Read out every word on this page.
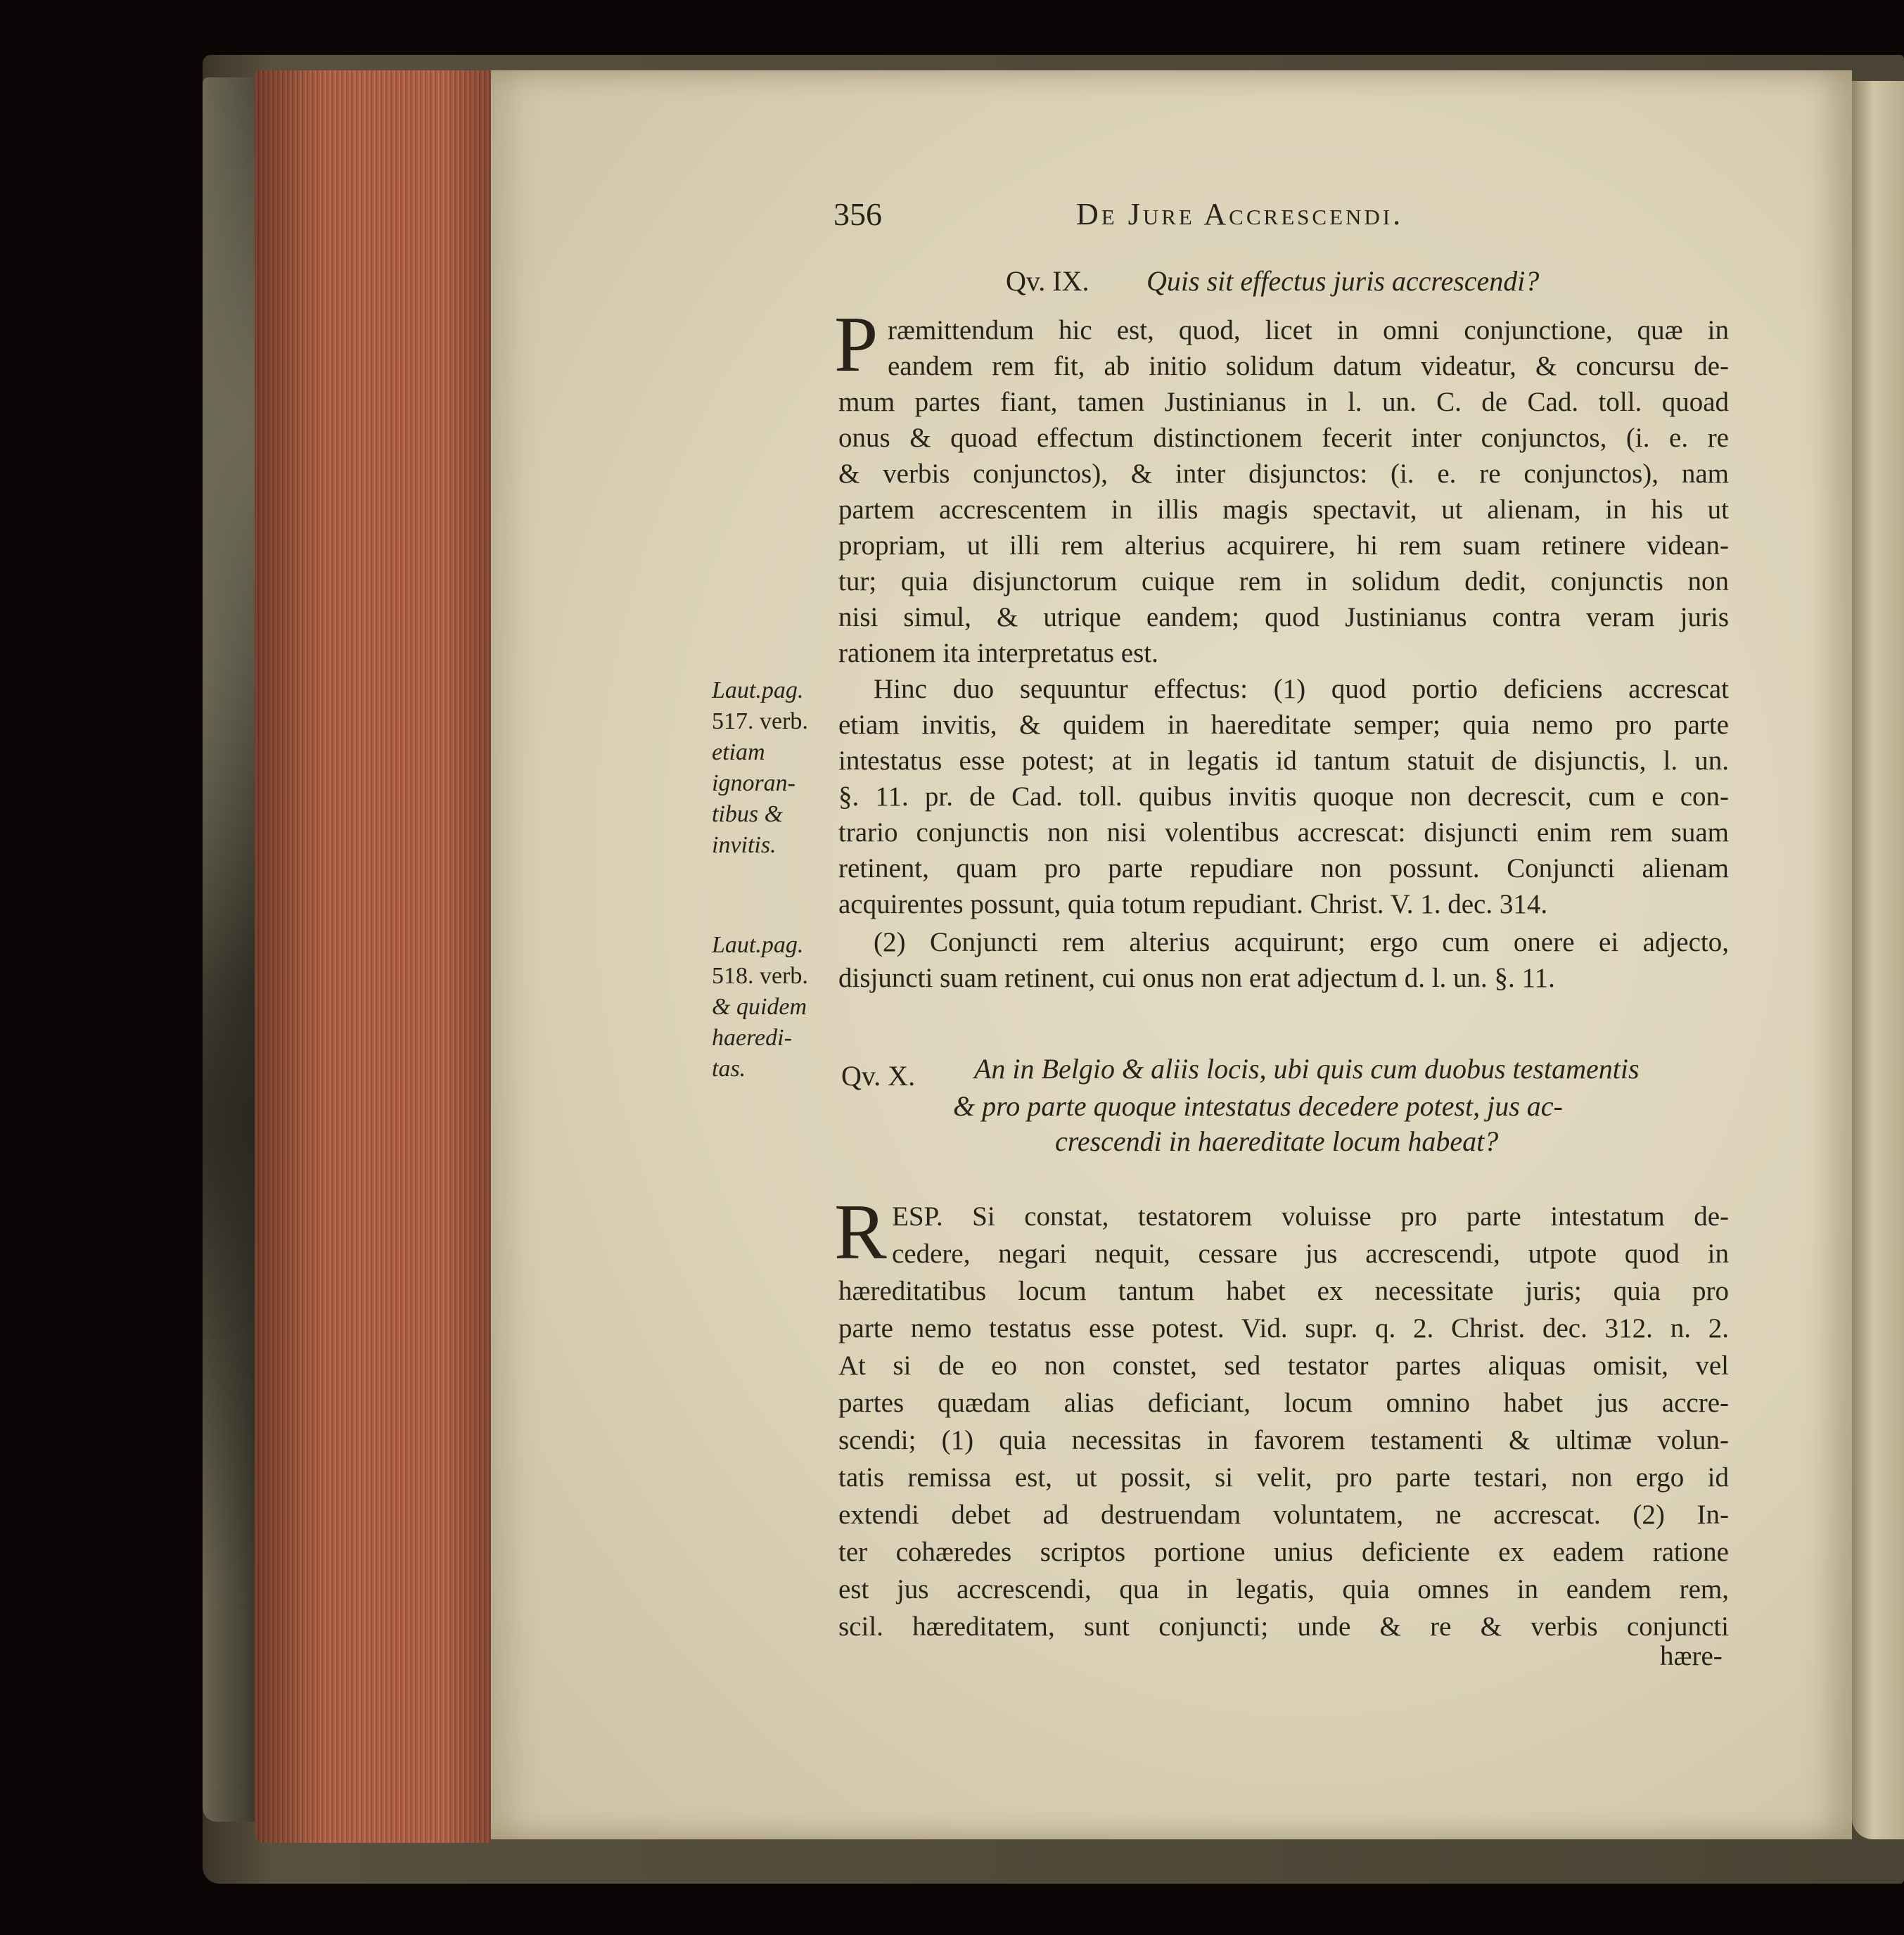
356	De Jure Accrescendi.
Qv. IX. Quis sit effectus juris accrescendi?
P ræmittendum hic est, quod, licet in omni conjunctione, quæ in
eandem rem fit, ab initio solidum datum videatur, & concursu de-
mum partes fiant, tamen Justinianus in l. un. C. de Cad. toll. quoad
onus & quoad effectum distinctionem fecerit inter conjunctos, (i. e. re
& verbis conjunctos), & inter disjunctos: (i. e. re conjunctos), nam
partem accrescentem in illis magis spectavit, ut alienam, in his ut
propriam, ut illi rem alterius acquirere, hi rem suam retinere videan-
tur; quia disjunctorum cuique rem in solidum dedit, conjunctis non
nisi simul, & utrique eandem; quod Justinianus contra veram juris
rationem ita interpretatus est.
Hinc duo sequuntur effectus: (1) quod portio deficiens accrescat
etiam invitis, & quidem in haereditate semper; quia nemo pro parte
intestatus esse potest; at in legatis id tantum statuit de disjunctis, l. un.
§. 11. pr. de Cad. toll. quibus invitis quoque non decrescit, cum e con-
trario conjunctis non nisi volentibus accrescat: disjuncti enim rem suam
retinent, quam pro parte repudiare non possunt. Conjuncti alienam
acquirentes possunt, quia totum repudiant. Christ. V. 1. dec. 314.
(2) Conjuncti rem alterius acquirunt; ergo cum onere ei adjecto,
disjuncti suam retinent, cui onus non erat adjectum d. l. un. §. 11.
Laut.pag.
517. verb.
etiam
ignoran-
tibus &
invitis.
Laut.pag.
518. verb.
& quidem
haeredi-
tas.	Qv. X. An in Belgio & aliis locis, ubi quis cum duobus testamentis
& pro parte quoque intestatus decedere potest, jus ac-
crescendi in haereditate locum habeat?
R ESP. Si constat, testatorem voluisse pro parte intestatum de-
cedere, negari nequit, cessare jus accrescendi, utpote quod in
hæreditatibus locum tantum habet ex necessitate juris; quia pro
parte nemo testatus esse potest. Vid. supr. q. 2. Christ. dec. 312. n. 2.
At si de eo non constet, sed testator partes aliquas omisit, vel
partes quædam alias deficiant, locum omnino habet jus accre-
scendi; (1) quia necessitas in favorem testamenti & ultimæ volun-
tatis remissa est, ut possit, si velit, pro parte testari, non ergo id
extendi debet ad destruendam voluntatem, ne accrescat. (2) In-
ter cohæredes scriptos portione unius deficiente ex eadem ratione
est jus accrescendi, qua in legatis, quia omnes in eandem rem,
scil. hæreditatem, sunt conjuncti; unde & re & verbis conjuncti
hære-
